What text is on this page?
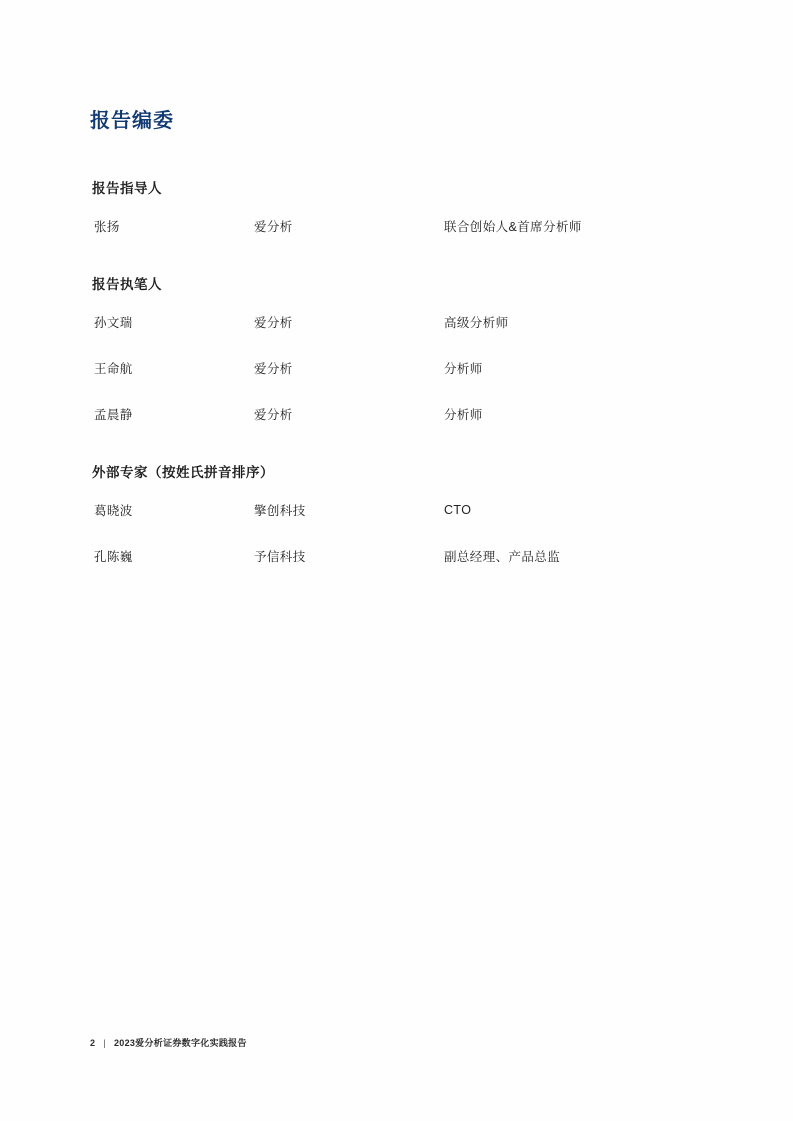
报告编委
报告指导人
张扬	爱分析	联合创始人&首席分析师
报告执笔人
孙文瑞	爱分析	高级分析师
王命航	爱分析	分析师
孟晨静	爱分析	分析师
外部专家（按姓氏拼音排序）
葛晓波	擎创科技	CTO
孔陈巍	予信科技	副总经理、产品总监
2 | 2023爱分析证券数字化实践报告
